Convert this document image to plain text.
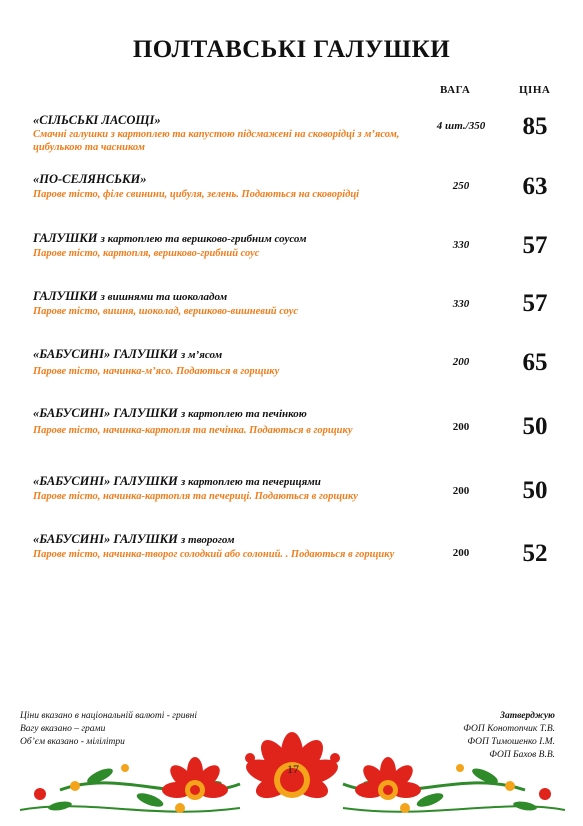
ПОЛТАВСЬКІ ГАЛУШКИ
ВАГА	ЦІНА
«СІЛЬСЬКІ ЛАСОЩІ»
Смачні галушки з картоплею та капустою підсмажені на сковорідці з м’ясом, цибулькою та часником
4 шт./350	85
«ПО-СЕЛЯНСЬКИ»
Парове тісто, філе свинини, цибуля, зелень. Подаються на сковорідці
250	63
ГАЛУШКИ з картоплею та вершково-грибним соусом
Парове тісто, картопля, вершково-грибний соус
330	57
ГАЛУШКИ з вишнями та шоколадом
Парове тісто, вишня, шоколад, вершково-вишневий соус
330	57
«БАБУСИНІ» ГАЛУШКИ з м’ясом
Парове тісто, начинка-м’ясо. Подаються в горщику
200	65
«БАБУСИНІ» ГАЛУШКИ з картоплею та печінкою
Парове тісто, начинка-картопля та печінка. Подаються в горщику	200	50
«БАБУСИНІ» ГАЛУШКИ з картоплею та печерицями
Парове тісто, начинка-картопля та печериці. Подаються в горщику	200	50
«БАБУСИНІ» ГАЛУШКИ з творогом
Парове тісто, начинка-творог солодкий або солоний. . Подаються в горщику	200	52
Ціни вказано в національній валюті - гривні
Вагу вказано – грами
Об’єм вказано - мілілітри
Затверджую
ФОП Конотопчик Т.В.
ФОП Тимошенко І.М.
ФОП Бахов В.В.
17
